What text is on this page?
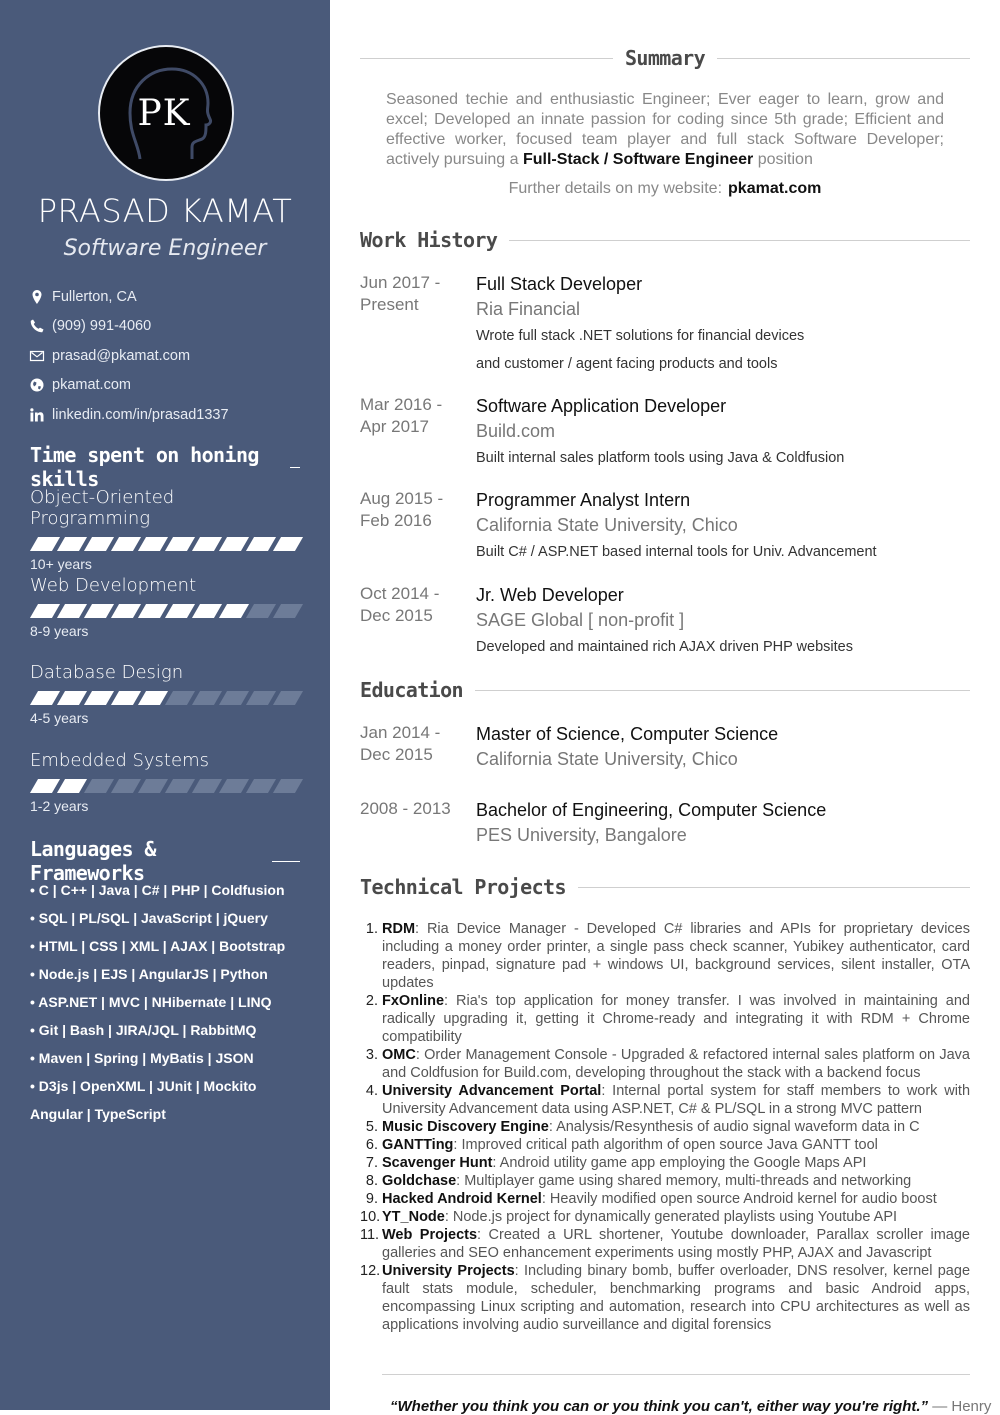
PK
PRASAD KAMAT
Software Engineer
Fullerton, CA
(909) 991-4060
prasad@pkamat.com
pkamat.com
linkedin.com/in/prasad1337
Time spent on honing skills
Object-Oriented Programming
10+ years
Web Development
8-9 years
Database Design
4-5 years
Embedded Systems
1-2 years
Languages & Frameworks
• C | C++ | Java | C# | PHP | Coldfusion
• SQL | PL/SQL | JavaScript | jQuery
• HTML | CSS | XML | AJAX | Bootstrap
• Node.js | EJS | AngularJS | Python
• ASP.NET | MVC | NHibernate | LINQ
• Git | Bash | JIRA/JQL | RabbitMQ
• Maven | Spring | MyBatis | JSON
• D3js | OpenXML | JUnit | Mockito
Angular | TypeScript
Summary

Seasoned techie and enthusiastic Engineer; Ever eager to learn, grow and excel; Developed an innate passion for coding since 5th grade; Efficient and effective worker, focused team player and full stack Software Developer; actively pursuing a Full-Stack / Software Engineer position

Further details on my website: pkamat.com
Work History
Jun 2017 -
Present
Full Stack Developer
Ria Financial
Wrote full stack .NET solutions for financial devices
and customer / agent facing products and tools
Mar 2016 -
Apr 2017
Software Application Developer
Build.com
Built internal sales platform tools using Java & Coldfusion
Aug 2015 -
Feb 2016
Programmer Analyst Intern
California State University, Chico
Built C# / ASP.NET based internal tools for Univ. Advancement
Oct 2014 -
Dec 2015
Jr. Web Developer
SAGE Global [ non-profit ]
Developed and maintained rich AJAX driven PHP websites
Education
Jan 2014 -
Dec 2015
Master of Science, Computer Science
California State University, Chico
2008 - 2013	Bachelor of Engineering, Computer Science
PES University, Bangalore
Technical Projects
1. RDM: Ria Device Manager - Developed C# libraries and APIs for proprietary devices including a money order printer, a single pass check scanner, Yubikey authenticator, card readers, pinpad, signature pad + windows UI, background services, silent installer, OTA updates
2. FxOnline: Ria's top application for money transfer. I was involved in maintaining and radically upgrading it, getting it Chrome-ready and integrating it with RDM + Chrome compatibility
3. OMC: Order Management Console - Upgraded & refactored internal sales platform on Java and Coldfusion for Build.com, developing throughout the stack with a backend focus
4. University Advancement Portal: Internal portal system for staff members to work with University Advancement data using ASP.NET, C# & PL/SQL in a strong MVC pattern
5. Music Discovery Engine: Analysis/Resynthesis of audio signal waveform data in C
6. GANTTing: Improved critical path algorithm of open source Java GANTT tool
7. Scavenger Hunt: Android utility game app employing the Google Maps API
8. Goldchase: Multiplayer game using shared memory, multi-threads and networking
9. Hacked Android Kernel: Heavily modified open source Android kernel for audio boost
10. YT_Node: Node.js project for dynamically generated playlists using Youtube API
11. Web Projects: Created a URL shortener, Youtube downloader, Parallax scroller image galleries and SEO enhancement experiments using mostly PHP, AJAX and Javascript
12. University Projects: Including binary bomb, buffer overloader, DNS resolver, kernel page fault stats module, scheduler, benchmarking programs and basic Android apps, encompassing Linux scripting and automation, research into CPU architectures as well as applications involving audio surveillance and digital forensics
“Whether you think you can or you think you can't, either way you're right.” — Henry
